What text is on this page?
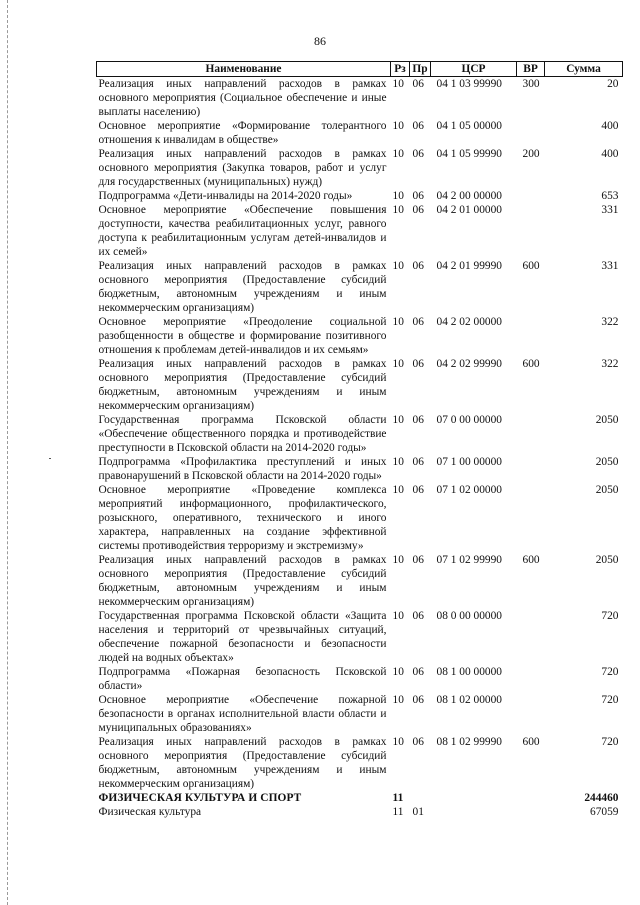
86
Наименование	Рз	Пр	ЦСР	ВР	Сумма
Реализация иных направлений расходов в рамках основного мероприятия (Социальное обеспечение и иные выплаты населению)	10	06	04 1 03 99990	300	20
Основное мероприятие «Формирование толерантного отношения к инвалидам в обществе»	10	06	04 1 05 00000		400
Реализация иных направлений расходов в рамках основного мероприятия (Закупка товаров, работ и услуг для государственных (муниципальных) нужд)	10	06	04 1 05 99990	200	400
Подпрограмма «Дети-инвалиды на 2014-2020 годы»	10	06	04 2 00 00000		653
Основное мероприятие «Обеспечение повышения доступности, качества реабилитационных услуг, равного доступа к реабилитационным услугам детей-инвалидов и их семей»	10	06	04 2 01 00000		331
Реализация иных направлений расходов в рамках основного мероприятия (Предоставление субсидий бюджетным, автономным учреждениям и иным некоммерческим организациям)	10	06	04 2 01 99990	600	331
Основное мероприятие «Преодоление социальной разобщенности в обществе и формирование позитивного отношения к проблемам детей-инвалидов и их семьям»	10	06	04 2 02 00000		322
Реализация иных направлений расходов в рамках основного мероприятия (Предоставление субсидий бюджетным, автономным учреждениям и иным некоммерческим организациям)	10	06	04 2 02 99990	600	322
Государственная программа Псковской области «Обеспечение общественного порядка и противодействие преступности в Псковской области на 2014-2020 годы»	10	06	07 0 00 00000		2050
Подпрограмма «Профилактика преступлений и иных правонарушений в Псковской области на 2014-2020 годы»	10	06	07 1 00 00000		2050
Основное мероприятие «Проведение комплекса мероприятий информационного, профилактического, розыскного, оперативного, технического и иного характера, направленных на создание эффективной системы противодействия терроризму и экстремизму»	10	06	07 1 02 00000		2050
Реализация иных направлений расходов в рамках основного мероприятия (Предоставление субсидий бюджетным, автономным учреждениям и иным некоммерческим организациям)	10	06	07 1 02 99990	600	2050
Государственная программа Псковской области «Защита населения и территорий от чрезвычайных ситуаций, обеспечение пожарной безопасности и безопасности людей на водных объектах»	10	06	08 0 00 00000		720
Подпрограмма «Пожарная безопасность Псковской области»	10	06	08 1 00 00000		720
Основное мероприятие «Обеспечение пожарной безопасности в органах исполнительной власти области и муниципальных образованиях»	10	06	08 1 02 00000		720
Реализация иных направлений расходов в рамках основного мероприятия (Предоставление субсидий бюджетным, автономным учреждениям и иным некоммерческим организациям)	10	06	08 1 02 99990	600	720
ФИЗИЧЕСКАЯ КУЛЬТУРА И СПОРТ	11				244460
Физическая культура	11	01			67059
